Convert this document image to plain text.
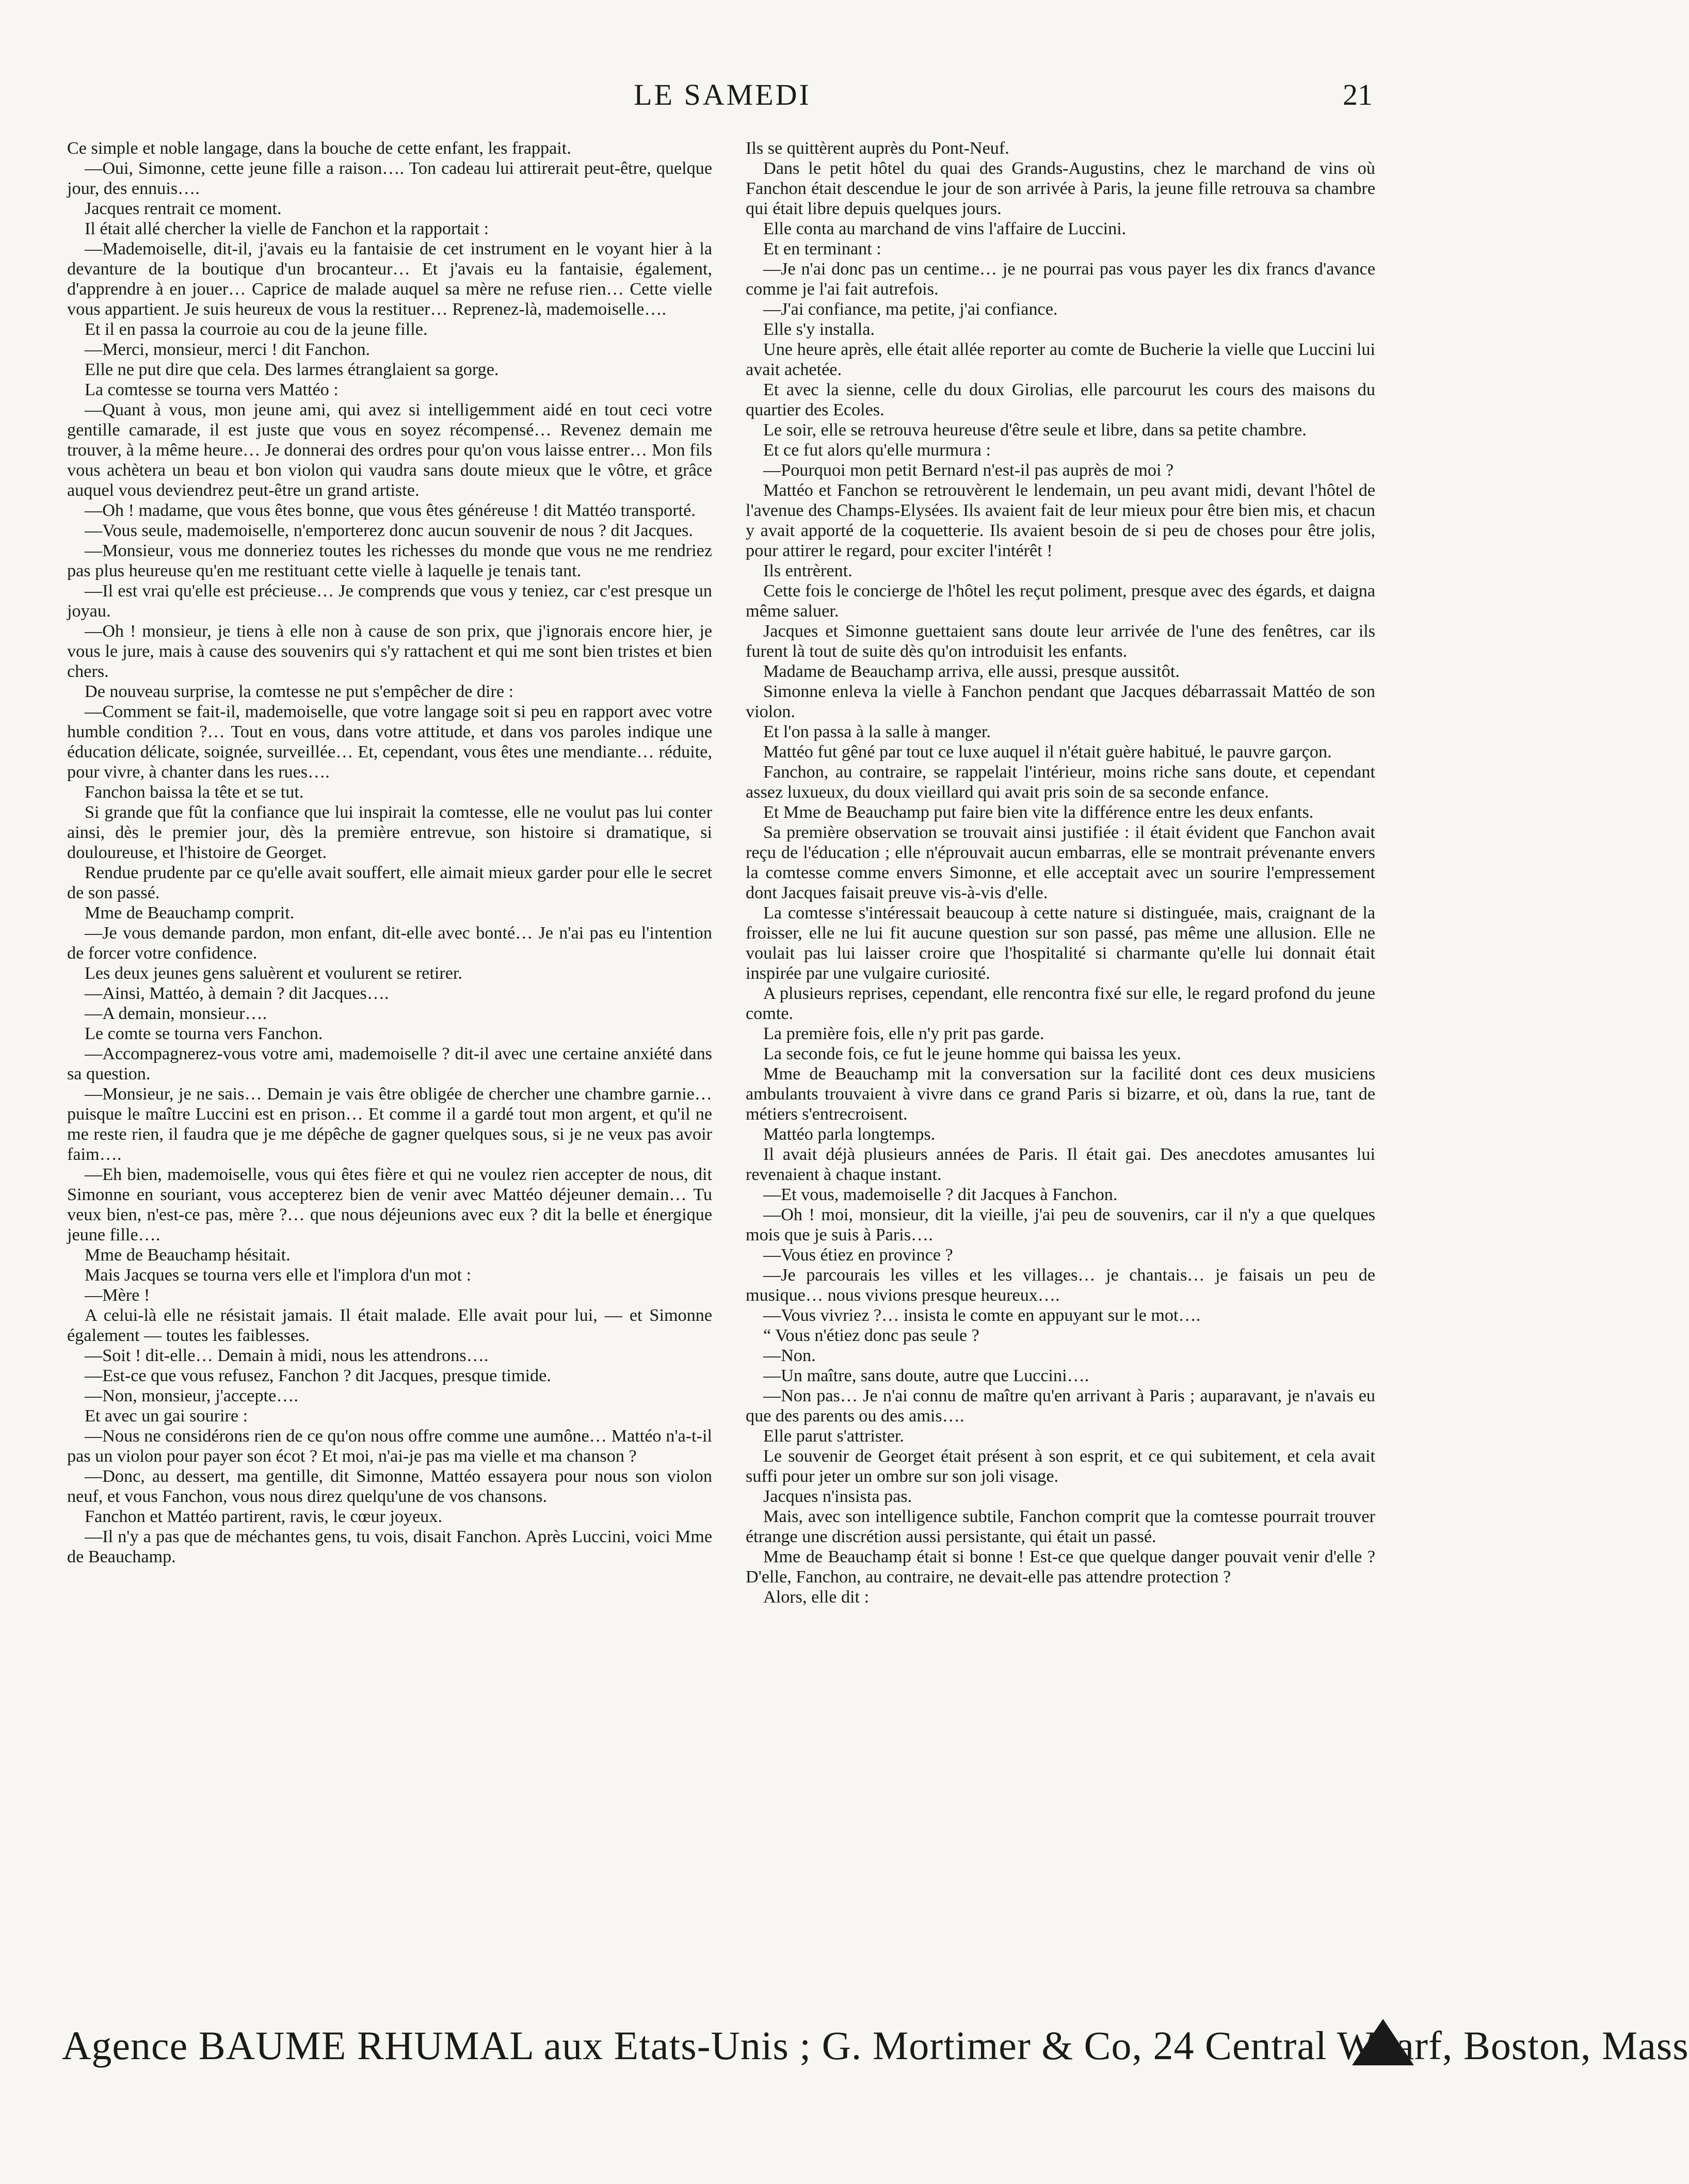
LE SAMEDI	21

Ce simple et noble langage, dans la bouche de cette enfant, les frappait.

—Oui, Simonne, cette jeune fille a raison…. Ton cadeau lui attirerait peut-être, quelque jour, des ennuis….

Jacques rentrait ce moment.

Il était allé chercher la vielle de Fanchon et la rapportait :

—Mademoiselle, dit-il, j'avais eu la fantaisie de cet instrument en le voyant hier à la devanture de la boutique d'un brocanteur… Et j'avais eu la fantaisie, également, d'apprendre à en jouer… Caprice de malade auquel sa mère ne refuse rien… Cette vielle vous appartient. Je suis heureux de vous la restituer… Reprenez-là, mademoiselle….

Et il en passa la courroie au cou de la jeune fille.

—Merci, monsieur, merci ! dit Fanchon.

Elle ne put dire que cela. Des larmes étranglaient sa gorge.

La comtesse se tourna vers Mattéo :

—Quant à vous, mon jeune ami, qui avez si intelligemment aidé en tout ceci votre gentille camarade, il est juste que vous en soyez récompensé… Revenez demain me trouver, à la même heure… Je donnerai des ordres pour qu'on vous laisse entrer… Mon fils vous achètera un beau et bon violon qui vaudra sans doute mieux que le vôtre, et grâce auquel vous deviendrez peut-être un grand artiste.

—Oh ! madame, que vous êtes bonne, que vous êtes généreuse ! dit Mattéo transporté.

—Vous seule, mademoiselle, n'emporterez donc aucun souvenir de nous ? dit Jacques.

—Monsieur, vous me donneriez toutes les richesses du monde que vous ne me rendriez pas plus heureuse qu'en me restituant cette vielle à laquelle je tenais tant.

—Il est vrai qu'elle est précieuse… Je comprends que vous y teniez, car c'est presque un joyau.

—Oh ! monsieur, je tiens à elle non à cause de son prix, que j'ignorais encore hier, je vous le jure, mais à cause des souvenirs qui s'y rattachent et qui me sont bien tristes et bien chers.

De nouveau surprise, la comtesse ne put s'empêcher de dire :

—Comment se fait-il, mademoiselle, que votre langage soit si peu en rapport avec votre humble condition ?… Tout en vous, dans votre attitude, et dans vos paroles indique une éducation délicate, soignée, surveillée… Et, cependant, vous êtes une mendiante… réduite, pour vivre, à chanter dans les rues….

Fanchon baissa la tête et se tut.

Si grande que fût la confiance que lui inspirait la comtesse, elle ne voulut pas lui conter ainsi, dès le premier jour, dès la première entrevue, son histoire si dramatique, si douloureuse, et l'histoire de Georget.

Rendue prudente par ce qu'elle avait souffert, elle aimait mieux garder pour elle le secret de son passé.

Mme de Beauchamp comprit.

—Je vous demande pardon, mon enfant, dit-elle avec bonté… Je n'ai pas eu l'intention de forcer votre confidence.

Les deux jeunes gens saluèrent et voulurent se retirer.

—Ainsi, Mattéo, à demain ? dit Jacques….

—A demain, monsieur….

Le comte se tourna vers Fanchon.

—Accompagnerez-vous votre ami, mademoiselle ? dit-il avec une certaine anxiété dans sa question.

—Monsieur, je ne sais… Demain je vais être obligée de chercher une chambre garnie… puisque le maître Luccini est en prison… Et comme il a gardé tout mon argent, et qu'il ne me reste rien, il faudra que je me dépêche de gagner quelques sous, si je ne veux pas avoir faim….

—Eh bien, mademoiselle, vous qui êtes fière et qui ne voulez rien accepter de nous, dit Simonne en souriant, vous accepterez bien de venir avec Mattéo déjeuner demain… Tu veux bien, n'est-ce pas, mère ?… que nous déjeunions avec eux ? dit la belle et énergique jeune fille….

Mme de Beauchamp hésitait.

Mais Jacques se tourna vers elle et l'implora d'un mot :

—Mère !

A celui-là elle ne résistait jamais. Il était malade. Elle avait pour lui, — et Simonne également — toutes les faiblesses.

—Soit ! dit-elle… Demain à midi, nous les attendrons….

—Est-ce que vous refusez, Fanchon ? dit Jacques, presque timide.

—Non, monsieur, j'accepte….

Et avec un gai sourire :

—Nous ne considérons rien de ce qu'on nous offre comme une aumône… Mattéo n'a-t-il pas un violon pour payer son écot ? Et moi, n'ai-je pas ma vielle et ma chanson ?

—Donc, au dessert, ma gentille, dit Simonne, Mattéo essayera pour nous son violon neuf, et vous Fanchon, vous nous direz quelqu'une de vos chansons.

Fanchon et Mattéo partirent, ravis, le cœur joyeux.

—Il n'y a pas que de méchantes gens, tu vois, disait Fanchon. Après Luccini, voici Mme de Beauchamp.

Ils se quittèrent auprès du Pont-Neuf.

Dans le petit hôtel du quai des Grands-Augustins, chez le marchand de vins où Fanchon était descendue le jour de son arrivée à Paris, la jeune fille retrouva sa chambre qui était libre depuis quelques jours.

Elle conta au marchand de vins l'affaire de Luccini.

Et en terminant :

—Je n'ai donc pas un centime… je ne pourrai pas vous payer les dix francs d'avance comme je l'ai fait autrefois.

—J'ai confiance, ma petite, j'ai confiance.

Elle s'y installa.

Une heure après, elle était allée reporter au comte de Bucherie la vielle que Luccini lui avait achetée.

Et avec la sienne, celle du doux Girolias, elle parcourut les cours des maisons du quartier des Ecoles.

Le soir, elle se retrouva heureuse d'être seule et libre, dans sa petite chambre.

Et ce fut alors qu'elle murmura :

—Pourquoi mon petit Bernard n'est-il pas auprès de moi ?

Mattéo et Fanchon se retrouvèrent le lendemain, un peu avant midi, devant l'hôtel de l'avenue des Champs-Elysées. Ils avaient fait de leur mieux pour être bien mis, et chacun y avait apporté de la coquetterie. Ils avaient besoin de si peu de choses pour être jolis, pour attirer le regard, pour exciter l'intérêt !

Ils entrèrent.

Cette fois le concierge de l'hôtel les reçut poliment, presque avec des égards, et daigna même saluer.

Jacques et Simonne guettaient sans doute leur arrivée de l'une des fenêtres, car ils furent là tout de suite dès qu'on introduisit les enfants.

Madame de Beauchamp arriva, elle aussi, presque aussitôt.

Simonne enleva la vielle à Fanchon pendant que Jacques débarrassait Mattéo de son violon.

Et l'on passa à la salle à manger.

Mattéo fut gêné par tout ce luxe auquel il n'était guère habitué, le pauvre garçon.

Fanchon, au contraire, se rappelait l'intérieur, moins riche sans doute, et cependant assez luxueux, du doux vieillard qui avait pris soin de sa seconde enfance.

Et Mme de Beauchamp put faire bien vite la différence entre les deux enfants.

Sa première observation se trouvait ainsi justifiée : il était évident que Fanchon avait reçu de l'éducation ; elle n'éprouvait aucun embarras, elle se montrait prévenante envers la comtesse comme envers Simonne, et elle acceptait avec un sourire l'empressement dont Jacques faisait preuve vis-à-vis d'elle.

La comtesse s'intéressait beaucoup à cette nature si distinguée, mais, craignant de la froisser, elle ne lui fit aucune question sur son passé, pas même une allusion. Elle ne voulait pas lui laisser croire que l'hospitalité si charmante qu'elle lui donnait était inspirée par une vulgaire curiosité.

A plusieurs reprises, cependant, elle rencontra fixé sur elle, le regard profond du jeune comte.

La première fois, elle n'y prit pas garde.

La seconde fois, ce fut le jeune homme qui baissa les yeux.

Mme de Beauchamp mit la conversation sur la facilité dont ces deux musiciens ambulants trouvaient à vivre dans ce grand Paris si bizarre, et où, dans la rue, tant de métiers s'entrecroisent.

Mattéo parla longtemps.

Il avait déjà plusieurs années de Paris. Il était gai. Des anecdotes amusantes lui revenaient à chaque instant.

—Et vous, mademoiselle ? dit Jacques à Fanchon.

—Oh ! moi, monsieur, dit la vieille, j'ai peu de souvenirs, car il n'y a que quelques mois que je suis à Paris….

—Vous étiez en province ?

—Je parcourais les villes et les villages… je chantais… je faisais un peu de musique… nous vivions presque heureux….

—Vous vivriez ?… insista le comte en appuyant sur le mot….

“ Vous n'étiez donc pas seule ?

—Non.

—Un maître, sans doute, autre que Luccini….

—Non pas… Je n'ai connu de maître qu'en arrivant à Paris ; auparavant, je n'avais eu que des parents ou des amis….

Elle parut s'attrister.

Le souvenir de Georget était présent à son esprit, et ce qui subitement, et cela avait suffi pour jeter un ombre sur son joli visage.

Jacques n'insista pas.

Mais, avec son intelligence subtile, Fanchon comprit que la comtesse pourrait trouver étrange une discrétion aussi persistante, qui était un passé.

Mme de Beauchamp était si bonne ! Est-ce que quelque danger pouvait venir d'elle ? D'elle, Fanchon, au contraire, ne devait-elle pas attendre protection ?

Alors, elle dit :

Agence BAUME RHUMAL aux Etats-Unis ; G. Mortimer & Co, 24 Central Wharf, Boston, Mass
